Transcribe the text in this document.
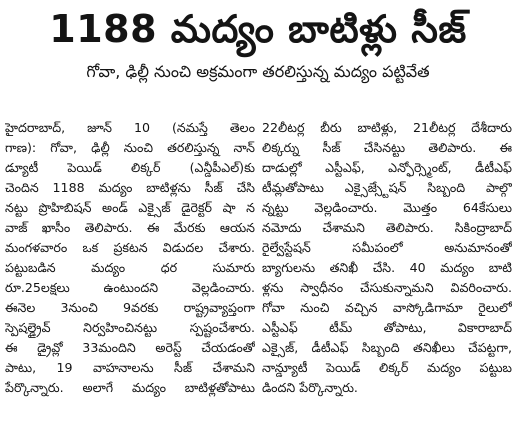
1188 మద్యం బాటిళ్లు సీజ్
గోవా, ఢిల్లీ నుంచి అక్రమంగా తరలిస్తున్న మద్యం పట్టివేత
హైదరాబాద్, జూన్ 10 (నమస్తే తెలం
గాణ): గోవా, ఢిల్లీ నుంచి తరలిస్తున్న నాన్
డ్యూటీ పెయిడ్ లిక్కర్ (ఎన్డీపీఎల్)కు
చెందిన 1188 మద్యం బాటిళ్లను సీజ్ చేసి
నట్టు ప్రొహిబిషన్ అండ్ ఎక్సైజ్ డైరెక్టర్ షా న
వాజ్ ఖాసీం తెలిపారు. ఈ మేరకు ఆయన
మంగళవారం ఒక ప్రకటన విడుదల చేశారు.
పట్టుబడిన మద్యం ధర సుమారు
రూ.25లక్షలు ఉంటుందని వెల్లడించారు.
ఈనెల 3నుంచి 9వరకు రాష్ట్రవ్యాప్తంగా
స్పెషల్డ్రైవ్ నిర్వహించినట్టు స్పష్టంచేశారు.
ఈ డ్రైవ్లో 33మందిని అరెస్ట్ చేయడంతో
పాటు, 19 వాహనాలను సీజ్ చేశామని
పేర్కొన్నారు. అలాగే మద్యం బాటిళ్లతోపాటు
22లీటర్ల బీరు బాటిళ్లు, 21లీటర్ల దేశీదారు
లిక్కర్ను సీజ్ చేసినట్టు తెలిపారు. ఈ
దాడుల్లో ఎస్టీఎఫ్, ఎన్ఫోర్స్మెంట్, డీటీఎఫ్
టీమ్లతోపాటు ఎక్సైజ్స్టేషన్ సిబ్బంది పాల్గొ
న్నట్టు వెల్లడించారు. మొత్తం 64కేసులు
నమోదు చేశామని తెలిపారు. సికింద్రాబాద్
రైల్వేస్టేషన్ సమీపంలో అనుమానంతో
బ్యాగులను తనిఖీ చేసి. 40 మద్యం బాటి
ళ్లను స్వాధీనం చేసుకున్నామని వివరించారు.
గోవా నుంచి వచ్చిన వాస్కోడిగామా రైలులో
ఎస్టీఎఫ్ టీమ్ తోపాటు, వికారాబాద్
ఎక్సైజ్, డీటీఎఫ్ సిబ్బంది తనిఖీలు చేపట్టగా,
నాన్డ్యూటీ పెయిడ్ లిక్కర్ మద్యం పట్టుబ
డిందని పేర్కొన్నారు.
